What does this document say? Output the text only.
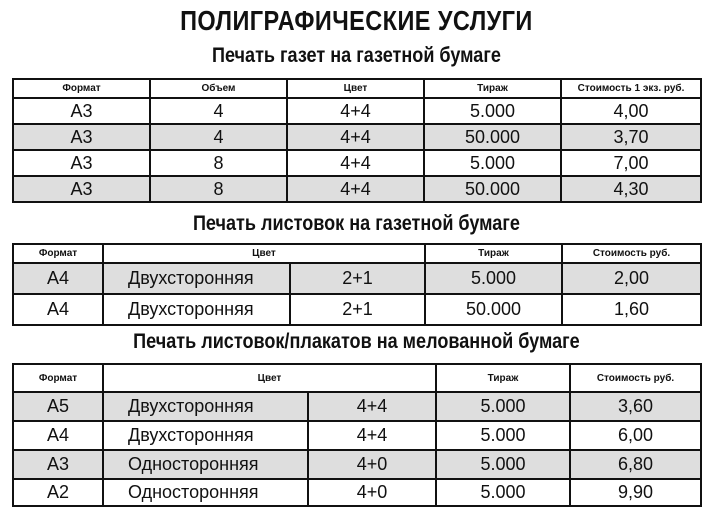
ПОЛИГРАФИЧЕСКИЕ УСЛУГИ
Печать газет на газетной бумаге
Формат	Объем	Цвет	Тираж	Стоимость 1 экз. руб.
А3	4	4+4	5.000	4,00
А3	4	4+4	50.000	3,70
А3	8	4+4	5.000	7,00
А3	8	4+4	50.000	4,30
Печать листовок на газетной бумаге
Формат	Цвет		Тираж	Стоимость руб.
А4	Двухсторонняя	2+1	5.000	2,00
А4	Двухсторонняя	2+1	50.000	1,60
Печать листовок/плакатов на мелованной бумаге
Формат	Цвет		Тираж	Стоимость руб.
А5	Двухсторонняя	4+4	5.000	3,60
А4	Двухсторонняя	4+4	5.000	6,00
А3	Односторонняя	4+0	5.000	6,80
А2	Односторонняя	4+0	5.000	9,90
